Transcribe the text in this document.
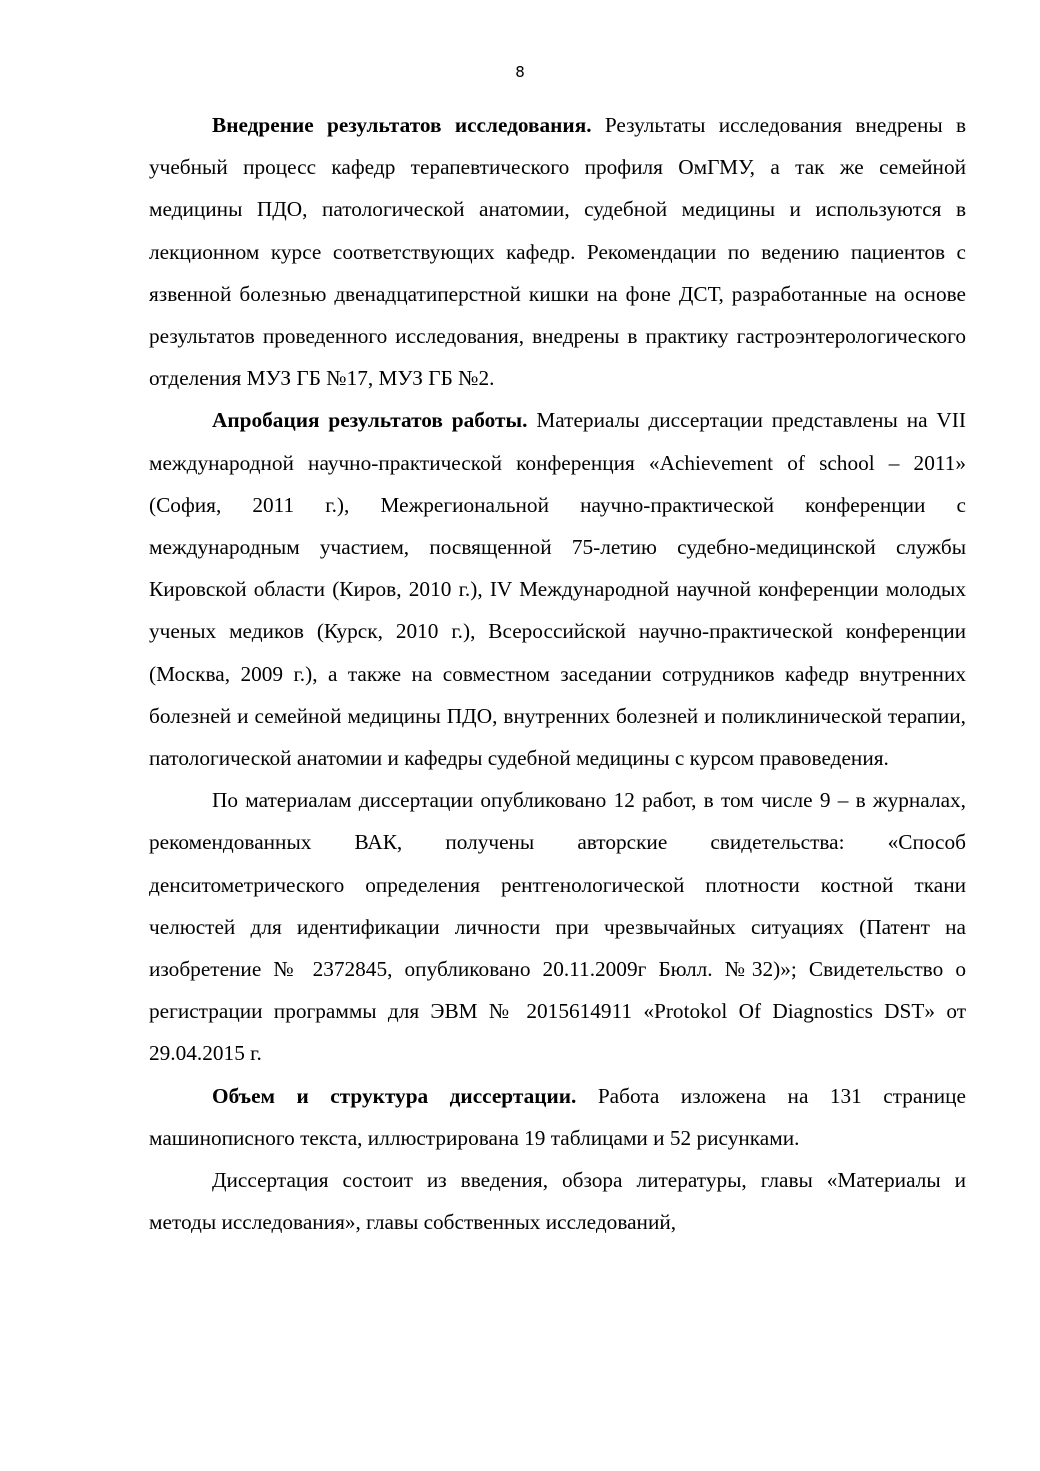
8

Внедрение результатов исследования. Результаты исследования внедрены в учебный процесс кафедр терапевтического профиля ОмГМУ, а так же семейной медицины ПДО, патологической анатомии, судебной медицины и используются в лекционном курсе соответствующих кафедр. Рекомендации по ведению пациентов с язвенной болезнью двенадцатиперстной кишки на фоне ДСТ, разработанные на основе результатов проведенного исследования, внедрены в практику гастроэнтерологического отделения МУЗ ГБ №17, МУЗ ГБ №2.

Апробация результатов работы. Материалы диссертации представлены на VII международной научно-практической конференция «Achievement of school – 2011» (София, 2011 г.), Межрегиональной научно-практической конференции с международным участием, посвященной 75-летию судебно-медицинской службы Кировской области (Киров, 2010 г.), IV Международной научной конференции молодых ученых медиков (Курск, 2010 г.), Всероссийской научно-практической конференции (Москва, 2009 г.), а также на совместном заседании сотрудников кафедр внутренних болезней и семейной медицины ПДО, внутренних болезней и поликлинической терапии, патологической анатомии и кафедры судебной медицины с курсом правоведения.

По материалам диссертации опубликовано 12 работ, в том числе 9 – в журналах, рекомендованных ВАК, получены авторские свидетельства: «Способ денситометрического определения рентгенологической плотности костной ткани челюстей для идентификации личности при чрезвычайных ситуациях (Патент на изобретение № 2372845, опубликовано 20.11.2009г Бюлл. №32)»; Свидетельство о регистрации программы для ЭВМ № 2015614911 «Protokol Of Diagnostics DST» от 29.04.2015 г.

Объем и структура диссертации. Работа изложена на 131 странице машинописного текста, иллюстрирована 19 таблицами и 52 рисунками.

Диссертация состоит из введения, обзора литературы, главы «Материалы и методы исследования», главы собственных исследований,
